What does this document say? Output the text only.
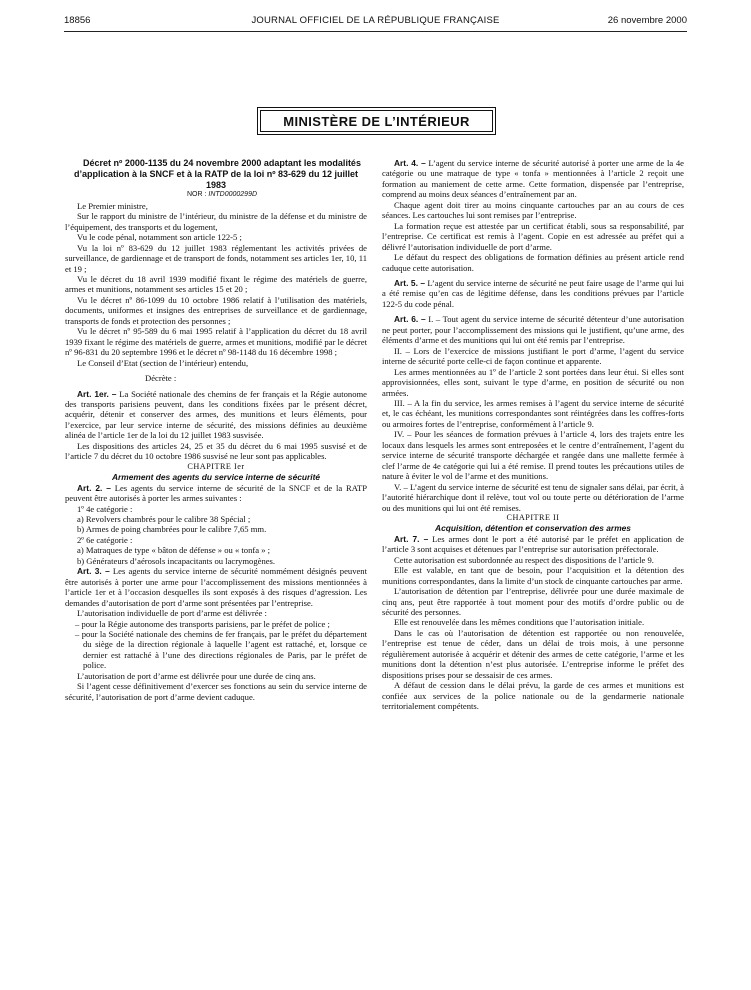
18856	JOURNAL OFFICIEL DE LA RÉPUBLIQUE FRANÇAISE	26 novembre 2000
MINISTÈRE DE L’INTÉRIEUR

Décret nº 2000-1135 du 24 novembre 2000 adaptant les modalités d’application à la SNCF et à la RATP de la loi nº 83-629 du 12 juillet 1983

NOR : INTD0000299D

Le Premier ministre,

Sur le rapport du ministre de l’intérieur, du ministre de la défense et du ministre de l’équipement, des transports et du logement,

Vu le code pénal, notamment son article 122-5 ;

Vu la loi nº 83-629 du 12 juillet 1983 réglementant les activités privées de surveillance, de gardiennage et de transport de fonds, notamment ses articles 1er, 10, 11 et 19 ;

Vu le décret du 18 avril 1939 modifié fixant le régime des matériels de guerre, armes et munitions, notamment ses articles 15 et 20 ;

Vu le décret nº 86-1099 du 10 octobre 1986 relatif à l’utilisation des matériels, documents, uniformes et insignes des entreprises de surveillance et de gardiennage, transports de fonds et protection des personnes ;

Vu le décret nº 95-589 du 6 mai 1995 relatif à l’application du décret du 18 avril 1939 fixant le régime des matériels de guerre, armes et munitions, modifié par le décret nº 96-831 du 20 septembre 1996 et le décret nº 98-1148 du 16 décembre 1998 ;

Le Conseil d’Etat (section de l’intérieur) entendu,

Décrète :

Art. 1er. – La Société nationale des chemins de fer français et la Régie autonome des transports parisiens peuvent, dans les conditions fixées par le présent décret, acquérir, détenir et conserver des armes, des munitions et leurs éléments, pour l’exercice, par leur service interne de sécurité, des missions définies au deuxième alinéa de l’article 1er de la loi du 12 juillet 1983 susvisée.

Les dispositions des articles 24, 25 et 35 du décret du 6 mai 1995 susvisé et de l’article 7 du décret du 10 octobre 1986 susvisé ne leur sont pas applicables.

CHAPITRE Ier

Armement des agents du service interne de sécurité

Art. 2. – Les agents du service interne de sécurité de la SNCF et de la RATP peuvent être autorisés à porter les armes suivantes :

1º 4e catégorie :

a) Revolvers chambrés pour le calibre 38 Spécial ;

b) Armes de poing chambrées pour le calibre 7,65 mm.

2º 6e catégorie :

a) Matraques de type « bâton de défense » ou « tonfa » ;

b) Générateurs d’aérosols incapacitants ou lacrymogènes.

Art. 3. – Les agents du service interne de sécurité nommément désignés peuvent être autorisés à porter une arme pour l’accomplissement des missions mentionnées à l’article 1er et à l’occasion desquelles ils sont exposés à des risques d’agression. Les demandes d’autorisation de port d’arme sont présentées par l’entreprise.

L’autorisation individuelle de port d’arme est délivrée :

– pour la Régie autonome des transports parisiens, par le préfet de police ;

– pour la Société nationale des chemins de fer français, par le préfet du département du siège de la direction régionale à laquelle l’agent est rattaché, et, lorsque ce dernier est rattaché à l’une des directions régionales de Paris, par le préfet de police.

L’autorisation de port d’arme est délivrée pour une durée de cinq ans.

Si l’agent cesse définitivement d’exercer ses fonctions au sein du service interne de sécurité, l’autorisation de port d’arme devient caduque.

Art. 4. – L’agent du service interne de sécurité autorisé à porter une arme de la 4e catégorie ou une matraque de type « tonfa » mentionnées à l’article 2 reçoit une formation au maniement de cette arme. Cette formation, dispensée par l’entreprise, comprend au moins deux séances d’entraînement par an.

Chaque agent doit tirer au moins cinquante cartouches par an au cours de ces séances. Les cartouches lui sont remises par l’entreprise.

La formation reçue est attestée par un certificat établi, sous sa responsabilité, par l’entreprise. Ce certificat est remis à l’agent. Copie en est adressée au préfet qui a délivré l’autorisation individuelle de port d’arme.

Le défaut du respect des obligations de formation définies au présent article rend caduque cette autorisation.

Art. 5. – L’agent du service interne de sécurité ne peut faire usage de l’arme qui lui a été remise qu’en cas de légitime défense, dans les conditions prévues par l’article 122-5 du code pénal.

Art. 6. – I. – Tout agent du service interne de sécurité détenteur d’une autorisation ne peut porter, pour l’accomplissement des missions qui le justifient, qu’une arme, des éléments d’arme et des munitions qui lui ont été remis par l’entreprise.

II. – Lors de l’exercice de missions justifiant le port d’arme, l’agent du service interne de sécurité porte celle-ci de façon continue et apparente.

Les armes mentionnées au 1º de l’article 2 sont portées dans leur étui. Si elles sont approvisionnées, elles sont, suivant le type d’arme, en position de sécurité ou non armées.

III. – A la fin du service, les armes remises à l’agent du service interne de sécurité et, le cas échéant, les munitions correspondantes sont réintégrées dans les coffres-forts ou armoires fortes de l’entreprise, conformément à l’article 9.

IV. – Pour les séances de formation prévues à l’article 4, lors des trajets entre les locaux dans lesquels les armes sont entreposées et le centre d’entraînement, l’agent du service interne de sécurité transporte déchargée et rangée dans une mallette fermée à clef l’arme de 4e catégorie qui lui a été remise. Il prend toutes les précautions utiles de nature à éviter le vol de l’arme et des munitions.

V. – L’agent du service interne de sécurité est tenu de signaler sans délai, par écrit, à l’autorité hiérarchique dont il relève, tout vol ou toute perte ou détérioration de l’arme ou des munitions qui lui ont été remises.

CHAPITRE II

Acquisition, détention et conservation des armes

Art. 7. – Les armes dont le port a été autorisé par le préfet en application de l’article 3 sont acquises et détenues par l’entreprise sur autorisation préfectorale.

Cette autorisation est subordonnée au respect des dispositions de l’article 9.

Elle est valable, en tant que de besoin, pour l’acquisition et la détention des munitions correspondantes, dans la limite d’un stock de cinquante cartouches par arme.

L’autorisation de détention par l’entreprise, délivrée pour une durée maximale de cinq ans, peut être rapportée à tout moment pour des motifs d’ordre public ou de sécurité des personnes.

Elle est renouvelée dans les mêmes conditions que l’autorisation initiale.

Dans le cas où l’autorisation de détention est rapportée ou non renouvelée, l’entreprise est tenue de céder, dans un délai de trois mois, à une personne régulièrement autorisée à acquérir et détenir des armes de cette catégorie, l’arme et les munitions dont la détention n’est plus autorisée. L’entreprise informe le préfet des dispositions prises pour se dessaisir de ces armes.

A défaut de cession dans le délai prévu, la garde de ces armes et munitions est confiée aux services de la police nationale ou de la gendarmerie nationale territorialement compétents.
